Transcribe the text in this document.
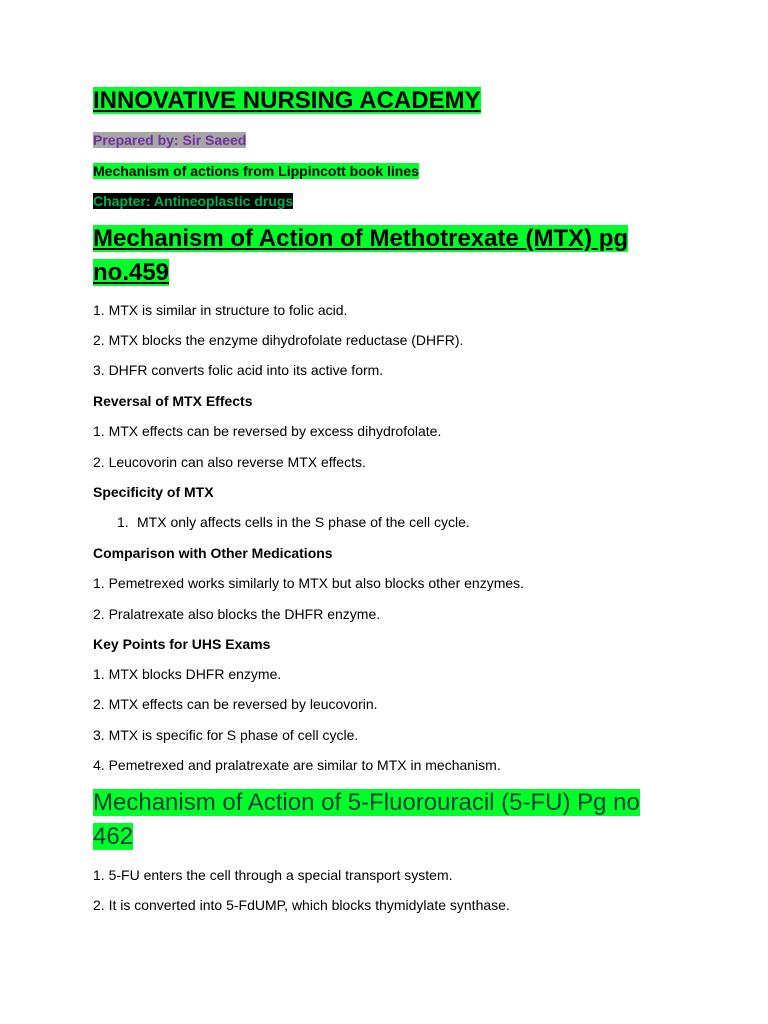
INNOVATIVE NURSING ACADEMY
Prepared by: Sir Saeed
Mechanism of actions from Lippincott book lines
Chapter: Antineoplastic drugs
Mechanism of Action of Methotrexate (MTX) pg no.459
1. MTX is similar in structure to folic acid.
2. MTX blocks the enzyme dihydrofolate reductase (DHFR).
3. DHFR converts folic acid into its active form.
Reversal of MTX Effects
1. MTX effects can be reversed by excess dihydrofolate.
2. Leucovorin can also reverse MTX effects.
Specificity of MTX
1. MTX only affects cells in the S phase of the cell cycle.
Comparison with Other Medications
1. Pemetrexed works similarly to MTX but also blocks other enzymes.
2. Pralatrexate also blocks the DHFR enzyme.
Key Points for UHS Exams
1. MTX blocks DHFR enzyme.
2. MTX effects can be reversed by leucovorin.
3. MTX is specific for S phase of cell cycle.
4. Pemetrexed and pralatrexate are similar to MTX in mechanism.
Mechanism of Action of 5-Fluorouracil (5-FU) Pg no 462
1. 5-FU enters the cell through a special transport system.
2. It is converted into 5-FdUMP, which blocks thymidylate synthase.
